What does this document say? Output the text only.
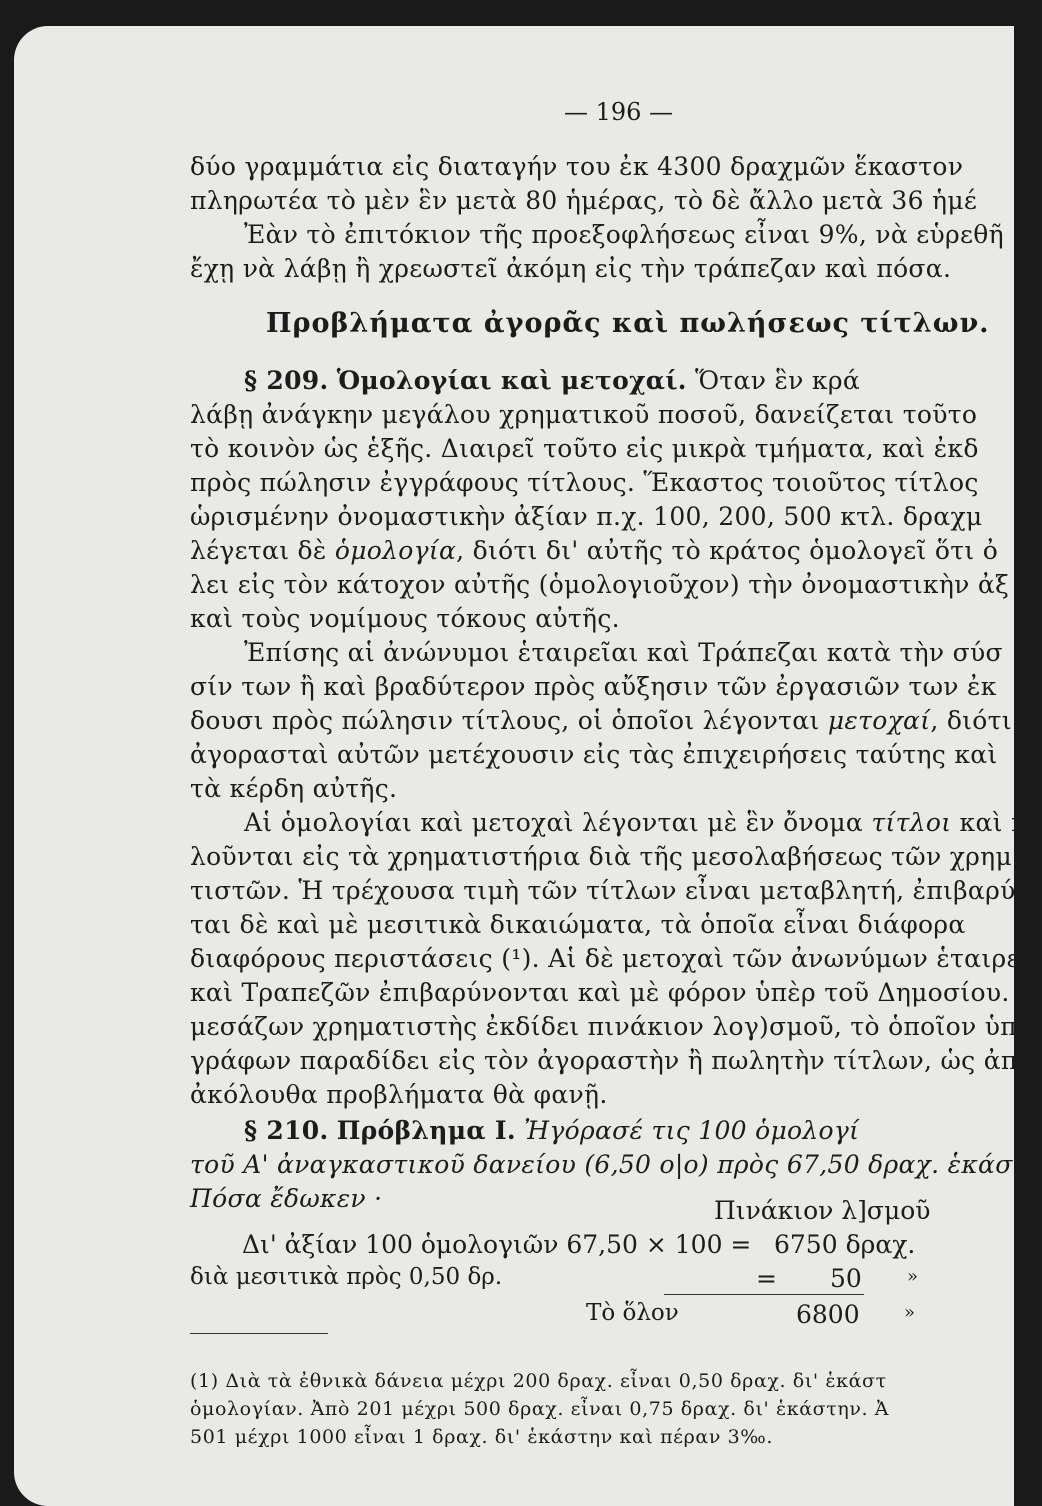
— 196 —
δύο γραμμάτια εἰς διαταγήν του ἐκ 4300 δραχμῶν ἕκαστον
πληρωτέα τὸ μὲν ἓν μετὰ 80 ἡμέρας, τὸ δὲ ἄλλο μετὰ 36 ἡμέ
Ἐὰν τὸ ἐπιτόκιον τῆς προεξοφλήσεως εἶναι 9%, νὰ εὑρεθῆ
ἔχῃ νὰ λάβῃ ἢ χρεωστεῖ ἀκόμη εἰς τὴν τράπεζαν καὶ πόσα.
Προβλήματα ἀγορᾶς καὶ πωλήσεως τίτλων.
§ 209. Ὁμολογίαι καὶ μετοχαί. Ὅταν ἓν κρά
λάβῃ ἀνάγκην μεγάλου χρηματικοῦ ποσοῦ, δανείζεται τοῦτο
τὸ κοινὸν ὡς ἑξῆς. Διαιρεῖ τοῦτο εἰς μικρὰ τμήματα, καὶ ἐκδ
πρὸς πώλησιν ἐγγράφους τίτλους. Ἕκαστος τοιοῦτος τίτλος
ὡρισμένην ὀνομαστικὴν ἀξίαν π.χ. 100, 200, 500 κτλ. δραχμ
λέγεται δὲ ὁμολογία, διότι δι' αὐτῆς τὸ κράτος ὁμολογεῖ ὅτι ὀ
λει εἰς τὸν κάτοχον αὐτῆς (ὁμολογιοῦχον) τὴν ὀνομαστικὴν ἀξ
καὶ τοὺς νομίμους τόκους αὐτῆς.
Ἐπίσης αἱ ἀνώνυμοι ἑταιρεῖαι καὶ Τράπεζαι κατὰ τὴν σύσ
σίν των ἢ καὶ βραδύτερον πρὸς αὔξησιν τῶν ἐργασιῶν των ἐκ
δουσι πρὸς πώλησιν τίτλους, οἱ ὁποῖοι λέγονται μετοχαί, διότι
ἀγορασταὶ αὐτῶν μετέχουσιν εἰς τὰς ἐπιχειρήσεις ταύτης καὶ
τὰ κέρδη αὐτῆς.
Αἱ ὁμολογίαι καὶ μετοχαὶ λέγονται μὲ ἓν ὄνομα τίτλοι καὶ π
λοῦνται εἰς τὰ χρηματιστήρια διὰ τῆς μεσολαβήσεως τῶν χρημ
τιστῶν. Ἡ τρέχουσα τιμὴ τῶν τίτλων εἶναι μεταβλητή, ἐπιβαρύ
ται δὲ καὶ μὲ μεσιτικὰ δικαιώματα, τὰ ὁποῖα εἶναι διάφορα
διαφόρους περιστάσεις (¹). Αἱ δὲ μετοχαὶ τῶν ἀνωνύμων ἑταιρε
καὶ Τραπεζῶν ἐπιβαρύνονται καὶ μὲ φόρον ὑπὲρ τοῦ Δημοσίου.
μεσάζων χρηματιστὴς ἐκδίδει πινάκιον λογ)σμοῦ, τὸ ὁποῖον ὑπ
γράφων παραδίδει εἰς τὸν ἀγοραστὴν ἢ πωλητὴν τίτλων, ὡς ἀπὸ
ἀκόλουθα προβλήματα θὰ φανῇ.
§ 210. Πρόβλημα Ι. Ἠγόρασέ τις 100 ὁμολογί
τοῦ Α' ἀναγκαστικοῦ δανείου (6,50 ο|ο) πρὸς 67,50 δραχ. ἑκάστη
Πόσα ἔδωκεν ·	Πινάκιον λ]σμοῦ
Δι' ἀξίαν 100 ὁμολογιῶν 67,50 × 100 = 6750 δραχ.
διὰ μεσιτικὰ πρὸς 0,50 δρ.	= 50	»
Τὸ ὅλον	6800 »
(1) Διὰ τὰ ἐθνικὰ δάνεια μέχρι 200 δραχ. εἶναι 0,50 δραχ. δι' ἑκάστ
ὁμολογίαν. Ἀπὸ 201 μέχρι 500 δραχ. εἶναι 0,75 δραχ. δι' ἑκάστην. Ἀ
501 μέχρι 1000 εἶναι 1 δραχ. δι' ἑκάστην καὶ πέραν 3‰.
